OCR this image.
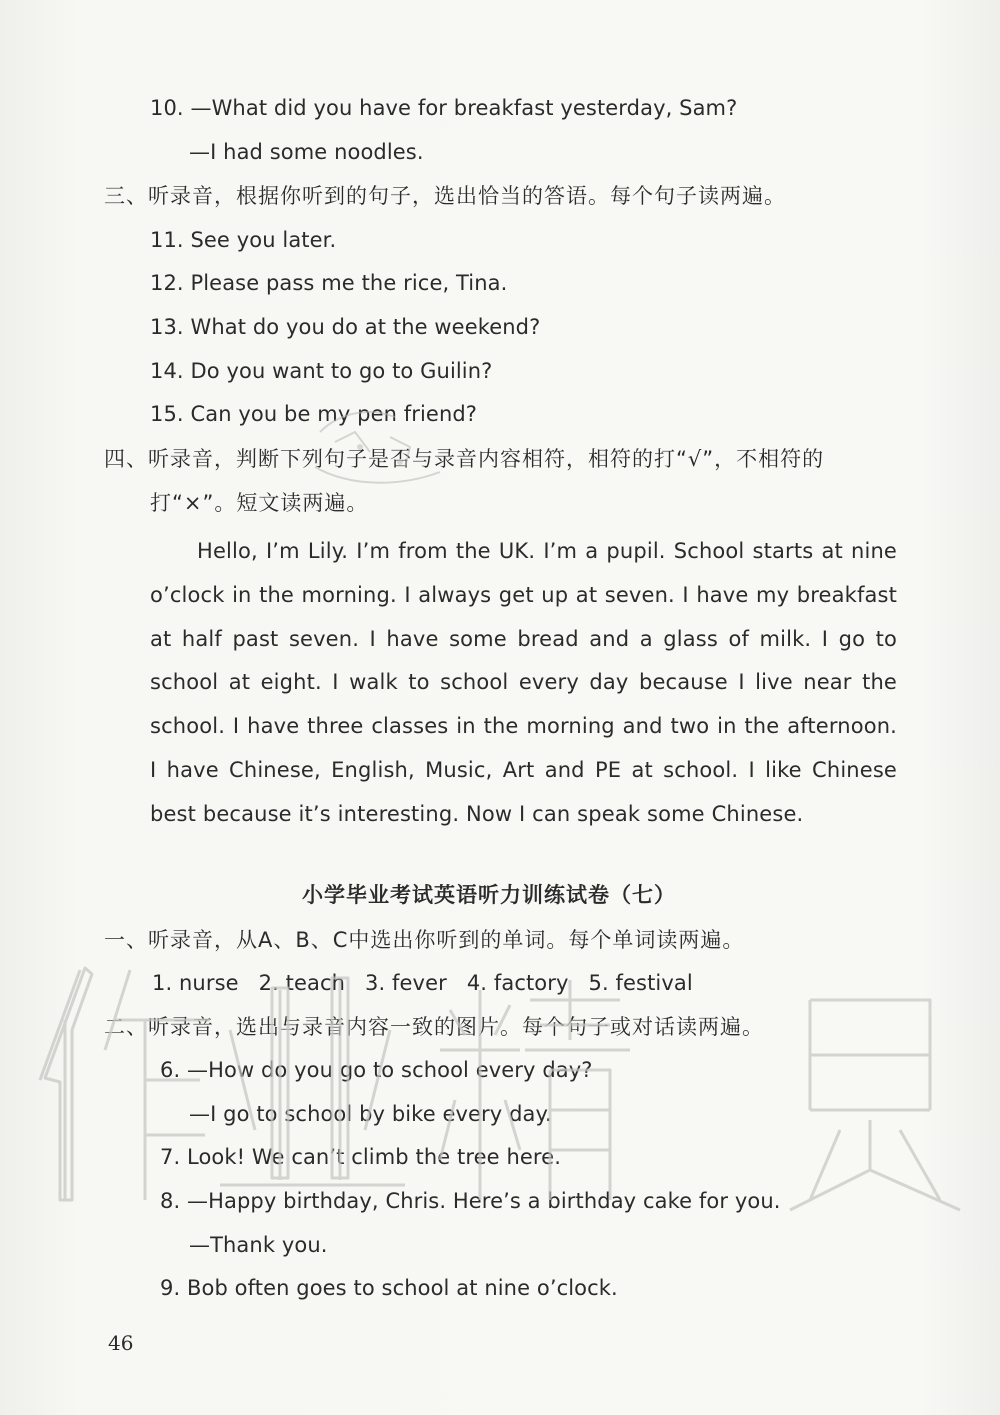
10. —What did you have for breakfast yesterday, Sam?
—I had some noodles.
三、听录音，根据你听到的句子，选出恰当的答语。每个句子读两遍。
11. See you later.
12. Please pass me the rice, Tina.
13. What do you do at the weekend?
14. Do you want to go to Guilin?
15. Can you be my pen friend?
四、听录音，判断下列句子是否与录音内容相符，相符的打“√”，不相符的
打“×”。短文读两遍。
Hello, I’m Lily. I’m from the UK. I’m a pupil. School starts at nine o’clock in the morning. I always get up at seven. I have my breakfast at half past seven. I have some bread and a glass of milk. I go to school at eight. I walk to school every day because I live near the school. I have three classes in the morning and two in the afternoon. I have Chinese, English, Music, Art and PE at school. I like Chinese best because it’s interesting. Now I can speak some Chinese.
小学毕业考试英语听力训练试卷（七）
一、听录音，从A、B、C中选出你听到的单词。每个单词读两遍。
1. nurse 2. teach 3. fever 4. factory 5. festival
二、听录音，选出与录音内容一致的图片。每个句子或对话读两遍。
6. —How do you go to school every day?
—I go to school by bike every day.
7. Look! We can’t climb the tree here.
8. —Happy birthday, Chris. Here’s a birthday cake for you.
—Thank you.
9. Bob often goes to school at nine o’clock.
46
